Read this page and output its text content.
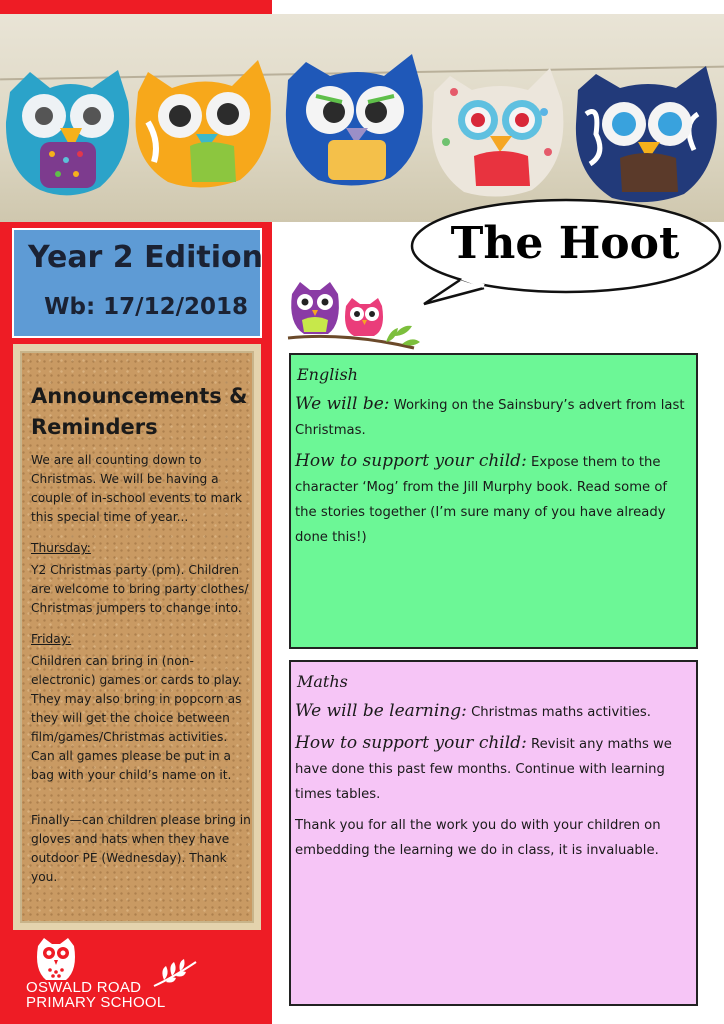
Year 2 Edition
Wb: 17/12/2018
The Hoot
Announcements & Reminders
We are all counting down to Christmas. We will be having a couple of in-school events to mark this special time of year...
Thursday:
Y2 Christmas party (pm). Children are welcome to bring party clothes/ Christmas jumpers to change into.
Friday:
Children can bring in (non-electronic) games or cards to play. They may also bring in popcorn as they will get the choice between film/games/Christmas activities. Can all games please be put in a bag with your child’s name on it.
Finally—can children please bring in gloves and hats when they have outdoor PE (Wednesday). Thank you.
OSWALD ROAD
PRIMARY SCHOOL
English
We will be: Working on the Sainsbury’s advert from last Christmas.
How to support your child: Expose them to the character ‘Mog’ from the Jill Murphy book. Read some of the stories together (I’m sure many of you have already done this!)
Maths
We will be learning: Christmas maths activities.
How to support your child: Revisit any maths we have done this past few months. Continue with learning times tables.
Thank you for all the work you do with your children on embedding the learning we do in class, it is invaluable.
